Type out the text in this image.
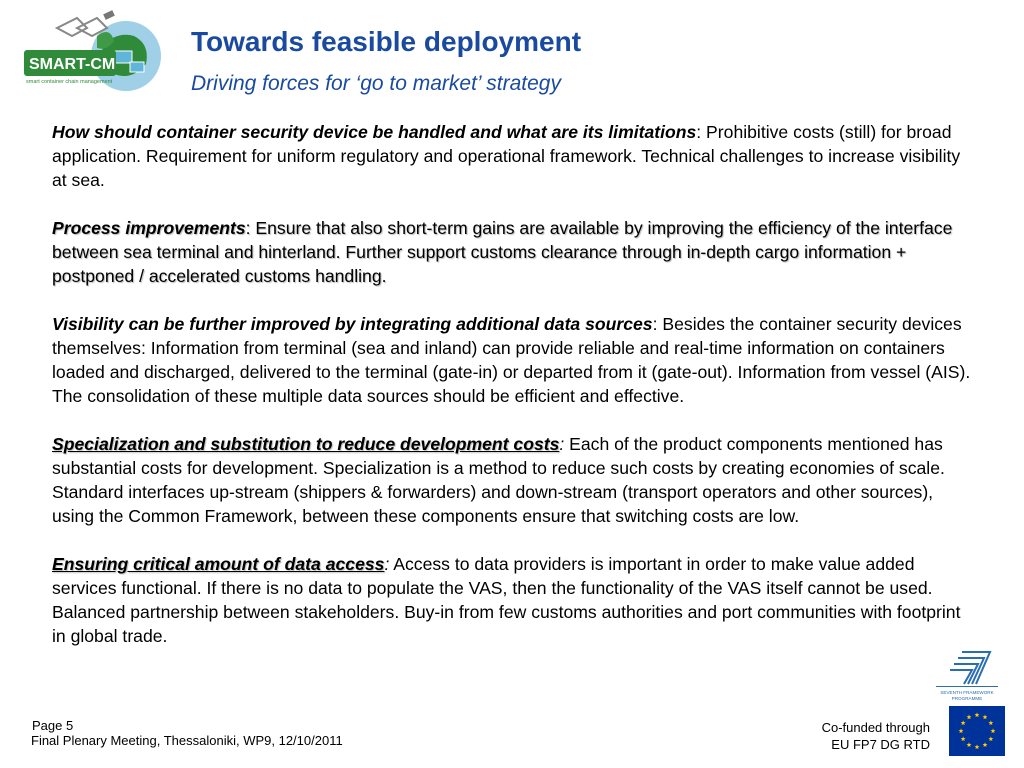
SMART-CM
smart container chain management
Towards feasible deployment
Driving forces for ‘go to market’ strategy

How should container security device be handled and what are its limitations: Prohibitive costs (still) for broad application. Requirement for uniform regulatory and operational framework. Technical challenges to increase visibility at sea.

Process improvements: Ensure that also short-term gains are available by improving the efficiency of the interface between sea terminal and hinterland. Further support customs clearance through in-depth cargo information + postponed / accelerated customs handling.

Visibility can be further improved by integrating additional data sources: Besides the container security devices themselves: Information from terminal (sea and inland) can provide reliable and real-time information on containers loaded and discharged, delivered to the terminal (gate-in) or departed from it (gate-out). Information from vessel (AIS). The consolidation of these multiple data sources should be efficient and effective.

Specialization and substitution to reduce development costs: Each of the product components mentioned has substantial costs for development. Specialization is a method to reduce such costs by creating economies of scale. Standard interfaces up-stream (shippers & forwarders) and down-stream (transport operators and other sources), using the Common Framework, between these components ensure that switching costs are low.

Ensuring critical amount of data access: Access to data providers is important in order to make value added services functional. If there is no data to populate the VAS, then the functionality of the VAS itself cannot be used. Balanced partnership between stakeholders. Buy-in from few customs authorities and port communities with footprint in global trade.

Page 5
Final Plenary Meeting, Thessaloniki, WP9, 12/10/2011
Co-funded through
EU FP7 DG RTD
SEVENTH FRAMEWORK
PROGRAMME
